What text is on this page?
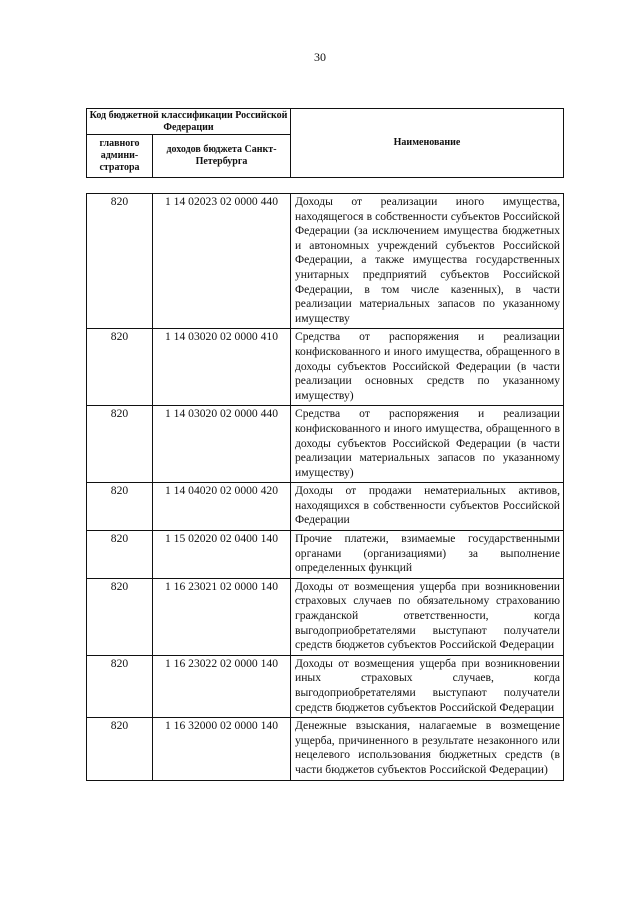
30
Код бюджетной классификации Российской Федерации		Наименование
главного админи-стратора	доходов бюджета Санкт-Петербурга	
820	1 14 02023 02 0000 440	Доходы от реализации иного имущества, находящегося в собственности субъектов Российской Федерации (за исключением имущества бюджетных и автономных учреждений субъектов Российской Федерации, а также имущества государственных унитарных предприятий субъектов Российской Федерации, в том числе казенных), в части реализации материальных запасов по указанному имуществу
820	1 14 03020 02 0000 410	Средства от распоряжения и реализации конфискованного и иного имущества, обращенного в доходы субъектов Российской Федерации (в части реализации основных средств по указанному имуществу)
820	1 14 03020 02 0000 440	Средства от распоряжения и реализации конфискованного и иного имущества, обращенного в доходы субъектов Российской Федерации (в части реализации материальных запасов по указанному имуществу)
820	1 14 04020 02 0000 420	Доходы от продажи нематериальных активов, находящихся в собственности субъектов Российской Федерации
820	1 15 02020 02 0400 140	Прочие платежи, взимаемые государственными органами (организациями) за выполнение определенных функций
820	1 16 23021 02 0000 140	Доходы от возмещения ущерба при возникновении страховых случаев по обязательному страхованию гражданской ответственности, когда выгодоприобретателями выступают получатели средств бюджетов субъектов Российской Федерации
820	1 16 23022 02 0000 140	Доходы от возмещения ущерба при возникновении иных страховых случаев, когда выгодоприобретателями выступают получатели средств бюджетов субъектов Российской Федерации
820	1 16 32000 02 0000 140	Денежные взыскания, налагаемые в возмещение ущерба, причиненного в результате незаконного или нецелевого использования бюджетных средств (в части бюджетов субъектов Российской Федерации)
